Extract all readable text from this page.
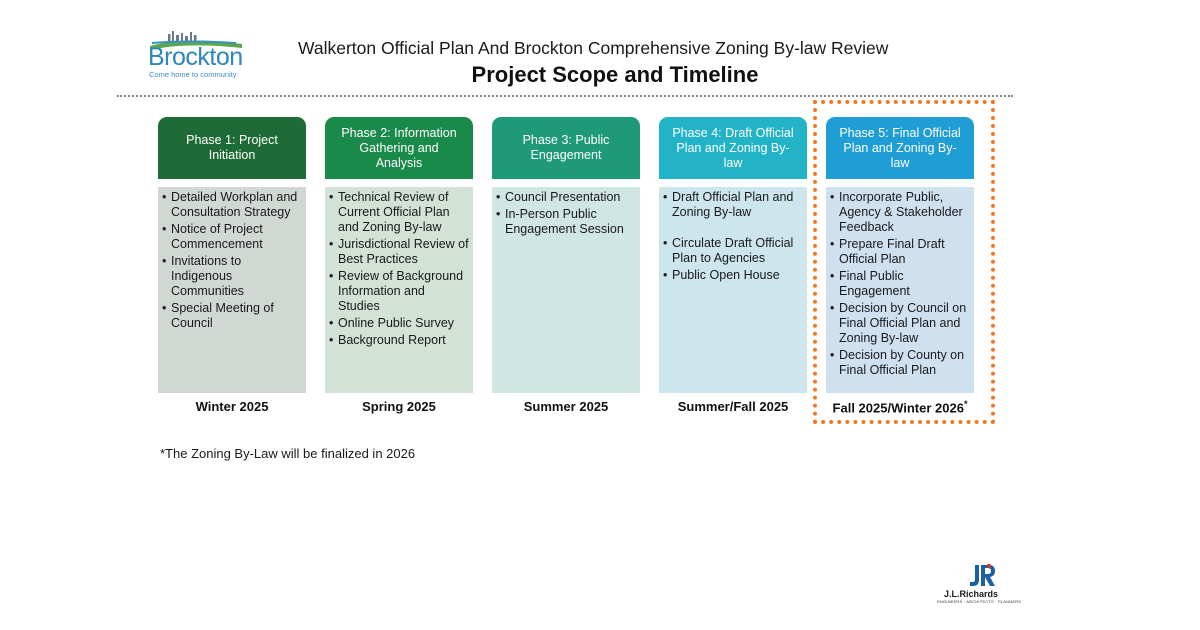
Brockton
Come home to community
Walkerton Official Plan And Brockton Comprehensive Zoning By-law Review
Project Scope and Timeline
Phase 1: Project Initiation
• Detailed Workplan and Consultation Strategy
• Notice of Project Commencement
• Invitations to Indigenous Communities
• Special Meeting of Council
Winter 2025
Phase 2: Information Gathering and Analysis
• Technical Review of Current Official Plan and Zoning By-law
• Jurisdictional Review of Best Practices
• Review of Background Information and Studies
• Online Public Survey
• Background Report
Spring 2025
Phase 3: Public Engagement
• Council Presentation
• In-Person Public Engagement Session
Summer 2025
Phase 4: Draft Official Plan and Zoning By-law
• Draft Official Plan and Zoning By-law
• Circulate Draft Official Plan to Agencies
• Public Open House
Summer/Fall 2025
Phase 5: Final Official Plan and Zoning By-law
• Incorporate Public, Agency & Stakeholder Feedback
• Prepare Final Draft Official Plan
• Final Public Engagement
• Decision by Council on Final Official Plan and Zoning By-law
• Decision by County on Final Official Plan
Fall 2025/Winter 2026*
*The Zoning By-Law will be finalized in 2026
J.L.Richards
ENGINEERS · ARCHITECTS · PLANNERS
